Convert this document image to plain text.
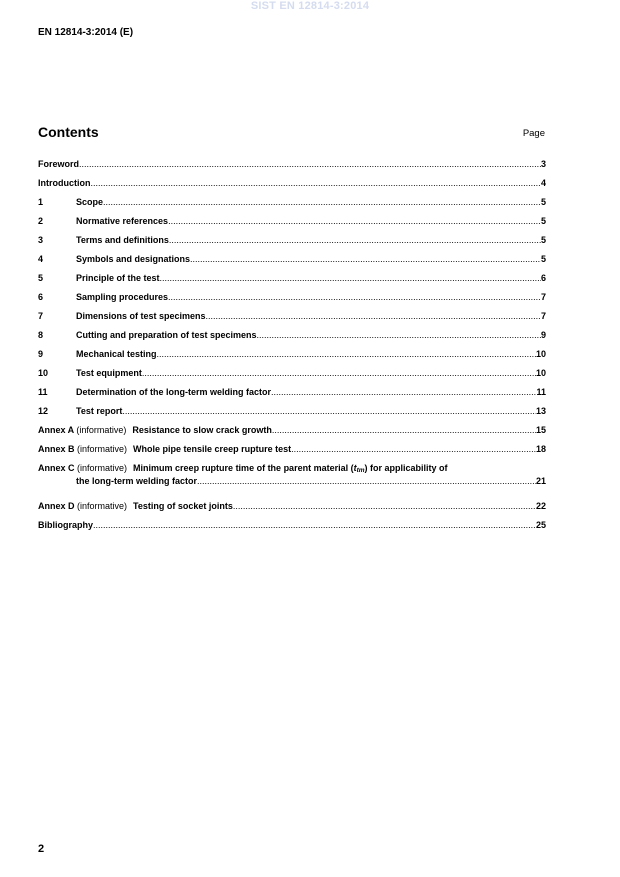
SIST EN 12814-3:2014
EN 12814-3:2014 (E)
Contents	Page
Foreword .....	3
Introduction .....	4
1	Scope .....	5
2	Normative references .....	5
3	Terms and definitions .....	5
4	Symbols and designations .....	5
5	Principle of the test .....	6
6	Sampling procedures .....	7
7	Dimensions of test specimens .....	7
8	Cutting and preparation of test specimens .....	9
9	Mechanical testing .....	10
10	Test equipment .....	10
11	Determination of the long-term welding factor .....	11
12	Test report .....	13
Annex A (informative) Resistance to slow crack growth .....	15
Annex B (informative) Whole pipe tensile creep rupture test .....	18
Annex C (informative) Minimum creep rupture time of the parent material (ttm) for applicability of
the long-term welding factor .....	21
Annex D (informative) Testing of socket joints .....	22
Bibliography .....	25
2
